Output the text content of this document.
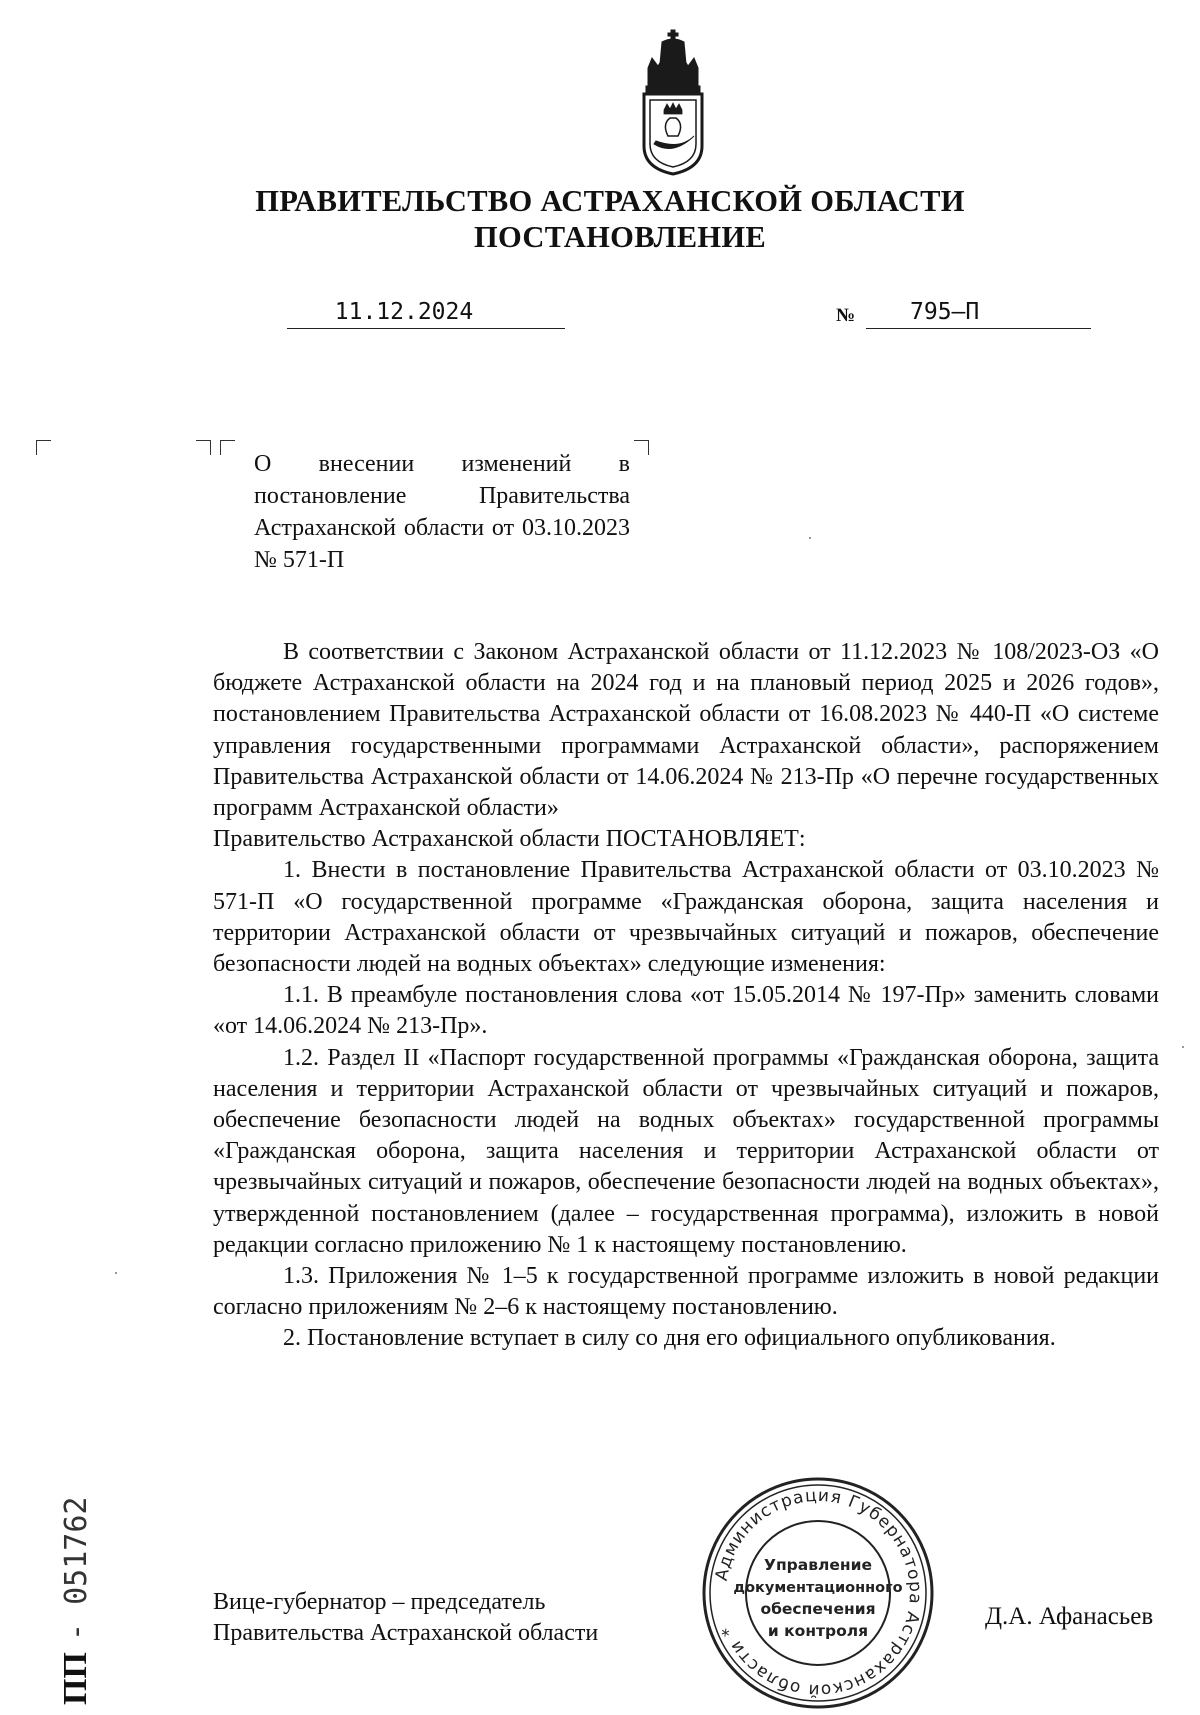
ПРАВИТЕЛЬСТВО АСТРАХАНСКОЙ ОБЛАСТИ
ПОСТАНОВЛЕНИЕ
11.12.2024	№	795–П
О внесении изменений в постановление Правительства Астраханской области от 03.10.2023 № 571-П

В соответствии с Законом Астраханской области от 11.12.2023 № 108/2023-ОЗ «О бюджете Астраханской области на 2024 год и на плановый период 2025 и 2026 годов», постановлением Правительства Астраханской области от 16.08.2023 № 440-П «О системе управления государственными программами Астраханской области», распоряжением Правительства Астраханской области от 14.06.2024 № 213-Пр «О перечне государственных программ Астраханской области»

Правительство Астраханской области ПОСТАНОВЛЯЕТ:

1. Внести в постановление Правительства Астраханской области от 03.10.2023 № 571-П «О государственной программе «Гражданская оборона, защита населения и территории Астраханской области от чрезвычайных ситуаций и пожаров, обеспечение безопасности людей на водных объектах» следующие изменения:

1.1. В преамбуле постановления слова «от 15.05.2014 № 197-Пр» заменить словами «от 14.06.2024 № 213-Пр».

1.2. Раздел II «Паспорт государственной программы «Гражданская оборона, защита населения и территории Астраханской области от чрезвычайных ситуаций и пожаров, обеспечение безопасности людей на водных объектах» государственной программы «Гражданская оборона, защита населения и территории Астраханской области от чрезвычайных ситуаций и пожаров, обеспечение безопасности людей на водных объектах», утвержденной постановлением (далее – государственная программа), изложить в новой редакции согласно приложению № 1 к настоящему постановлению.

1.3. Приложения № 1–5 к государственной программе изложить в новой редакции согласно приложениям № 2–6 к настоящему постановлению.

2. Постановление вступает в силу со дня его официального опубликования.

Вице-губернатор – председатель
Правительства Астраханской области
Администрация Губернатора Астраханской области *
Управление
документационного
обеспечения
и контроля
Д.А. Афанасьев
ПП
- 051762
